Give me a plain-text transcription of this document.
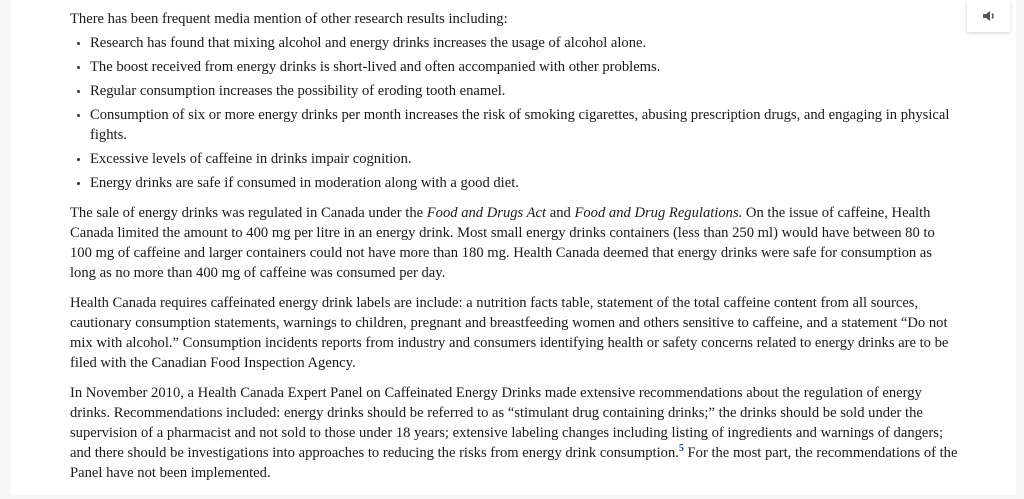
There has been frequent media mention of other research results including:

Research has found that mixing alcohol and energy drinks increases the usage of alcohol alone.
The boost received from energy drinks is short-lived and often accompanied with other problems.
Regular consumption increases the possibility of eroding tooth enamel.
Consumption of six or more energy drinks per month increases the risk of smoking cigarettes, abusing prescription drugs, and engaging in physical fights.
Excessive levels of caffeine in drinks impair cognition.
Energy drinks are safe if consumed in moderation along with a good diet.

The sale of energy drinks was regulated in Canada under the Food and Drugs Act and Food and Drug Regulations. On the issue of caffeine, Health Canada limited the amount to 400 mg per litre in an energy drink. Most small energy drinks containers (less than 250 ml) would have between 80 to 100 mg of caffeine and larger containers could not have more than 180 mg. Health Canada deemed that energy drinks were safe for consumption as long as no more than 400 mg of caffeine was consumed per day.

Health Canada requires caffeinated energy drink labels are include: a nutrition facts table, statement of the total caffeine content from all sources, cautionary consumption statements, warnings to children, pregnant and breastfeeding women and others sensitive to caffeine, and a statement “Do not mix with alcohol.” Consumption incidents reports from industry and consumers identifying health or safety concerns related to energy drinks are to be filed with the Canadian Food Inspection Agency.

In November 2010, a Health Canada Expert Panel on Caffeinated Energy Drinks made extensive recommendations about the regulation of energy drinks. Recommendations included: energy drinks should be referred to as “stimulant drug containing drinks;” the drinks should be sold under the supervision of a pharmacist and not sold to those under 18 years; extensive labeling changes including listing of ingredients and warnings of dangers; and there should be investigations into approaches to reducing the risks from energy drink consumption.$^5$ For the most part, the recommendations of the Panel have not been implemented.
